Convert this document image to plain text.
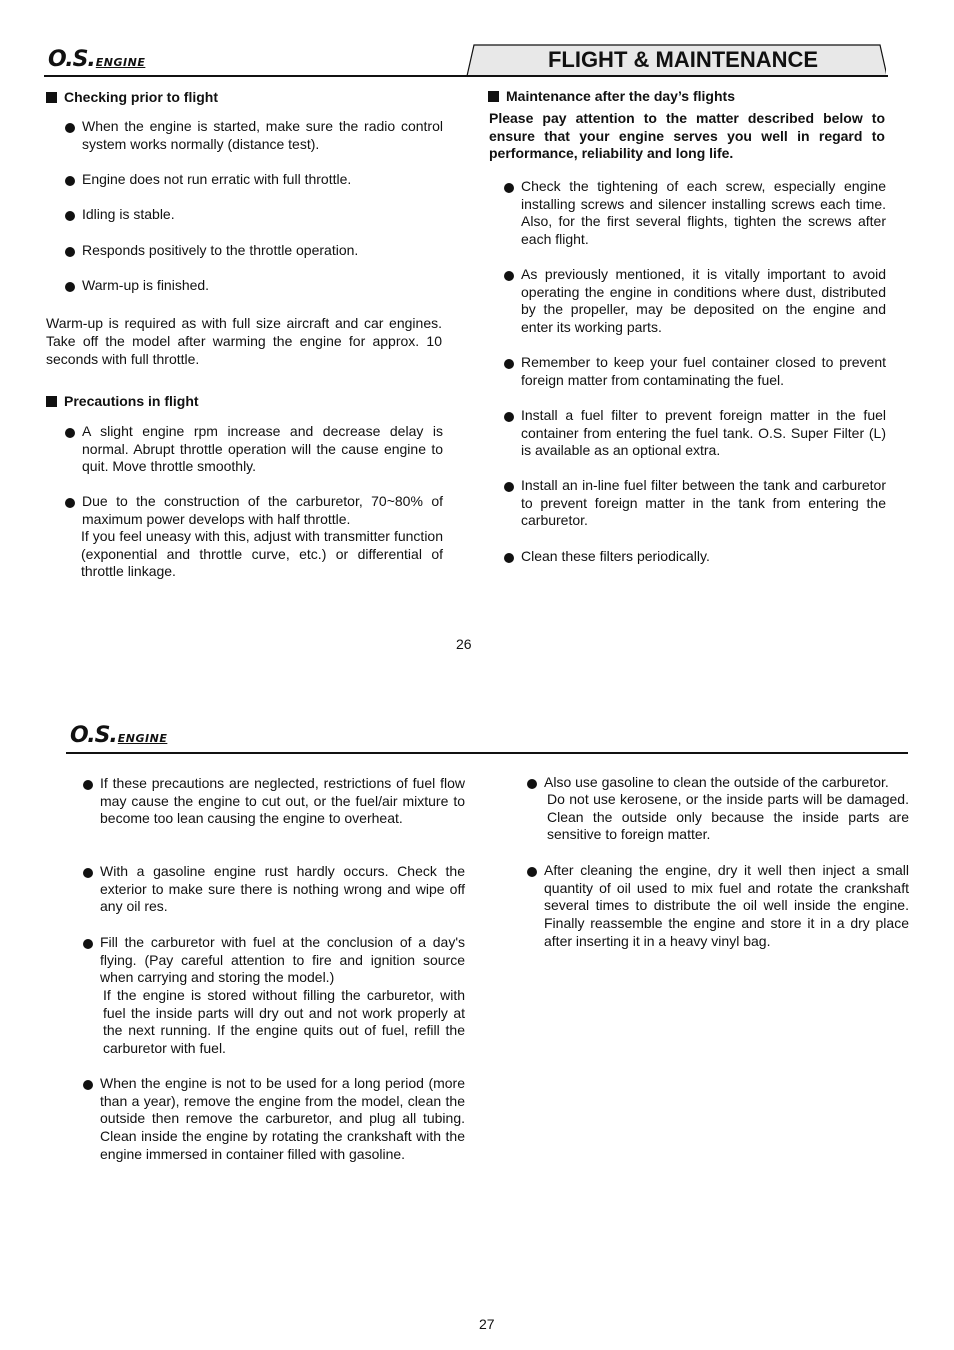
O.S. ENGINE	FLIGHT & MAINTENANCE
Checking prior to flight
When the engine is started, make sure the radio control system works normally (distance test).
Engine does not run erratic with full throttle.
Idling is stable.
Responds positively to the throttle operation.
Warm-up is finished.
Warm-up is required as with full size aircraft and car engines. Take off the model after warming the engine for approx. 10 seconds with full throttle.
Precautions in flight
A slight engine rpm increase and decrease delay is normal. Abrupt throttle operation will the cause engine to quit. Move throttle smoothly.
Due to the construction of the carburetor, 70~80% of maximum power develops with half throttle.
If you feel uneasy with this, adjust with transmitter function (exponential and throttle curve, etc.) or differential of throttle linkage.
Maintenance after the day’s flights
Please pay attention to the matter described below to ensure that your engine serves you well in regard to performance, reliability and long life.
Check the tightening of each screw, especially engine installing screws and silencer installing screws each time. Also, for the first several flights, tighten the screws after each flight.
As previously mentioned, it is vitally important to avoid operating the engine in conditions where dust, distributed by the propeller, may be deposited on the engine and enter its working parts.
Remember to keep your fuel container closed to prevent foreign matter from contaminating the fuel.
Install a fuel filter to prevent foreign matter in the fuel container from entering the fuel tank. O.S. Super Filter (L) is available as an optional extra.
Install an in-line fuel filter between the tank and carburetor to prevent foreign matter in the tank from entering the carburetor.
Clean these filters periodically.
26
O.S. ENGINE
If these precautions are neglected, restrictions of fuel flow may cause the engine to cut out, or the fuel/air mixture to become too lean causing the engine to overheat.
With a gasoline engine rust hardly occurs. Check the exterior to make sure there is nothing wrong and wipe off any oil res.
Fill the carburetor with fuel at the conclusion of a day's flying. (Pay careful attention to fire and ignition source when carrying and storing the model.)
If the engine is stored without filling the carburetor, with fuel the inside parts will dry out and not work properly at the next running. If the engine quits out of fuel, refill the carburetor with fuel.
When the engine is not to be used for a long period (more than a year), remove the engine from the model, clean the outside then remove the carburetor, and plug all tubing. Clean inside the engine by rotating the crankshaft with the engine immersed in container filled with gasoline.
Also use gasoline to clean the outside of the carburetor.
Do not use kerosene, or the inside parts will be damaged. Clean the outside only because the inside parts are sensitive to foreign matter.
After cleaning the engine, dry it well then inject a small quantity of oil used to mix fuel and rotate the crankshaft several times to distribute the oil well inside the engine. Finally reassemble the engine and store it in a dry place after inserting it in a heavy vinyl bag.
27
